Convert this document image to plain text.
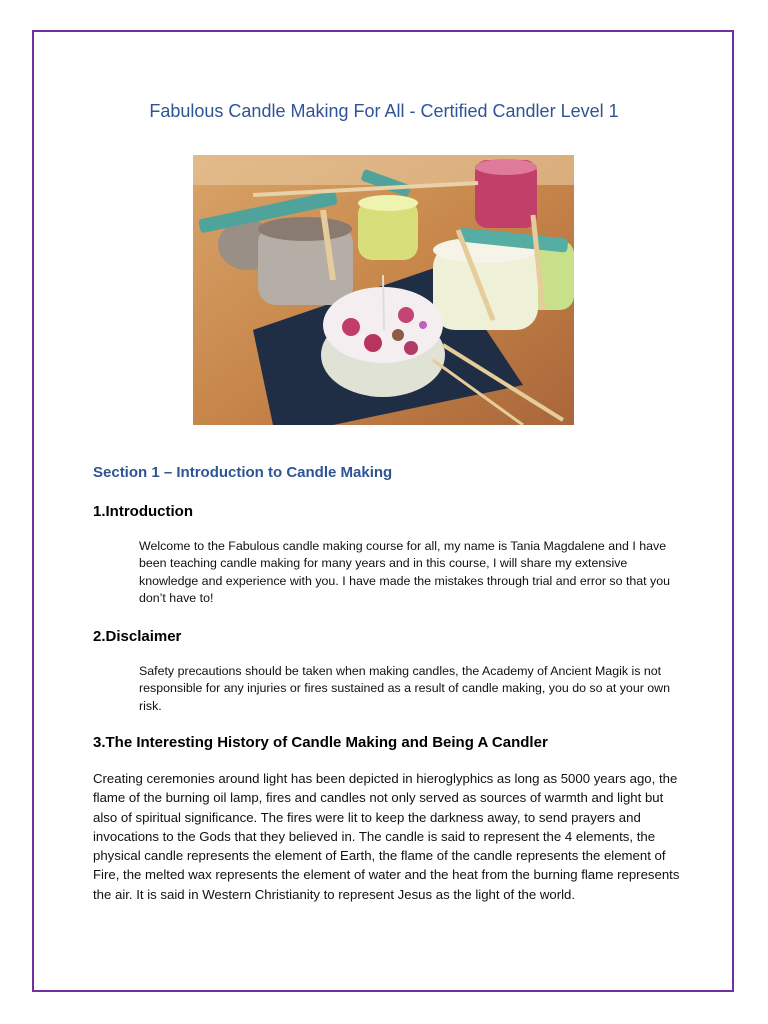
Fabulous Candle Making For All - Certified Candler Level 1
Section 1 – Introduction to Candle Making
1.Introduction

Welcome to the Fabulous candle making course for all, my name is Tania Magdalene and I have been teaching candle making for many years and in this course, I will share my extensive knowledge and experience with you. I have made the mistakes through trial and error so that you don’t have to!

2.Disclaimer

Safety precautions should be taken when making candles, the Academy of Ancient Magik is not responsible for any injuries or fires sustained as a result of candle making, you do so at your own risk.

3.The Interesting History of Candle Making and Being A Candler

Creating ceremonies around light has been depicted in hieroglyphics as long as 5000 years ago, the flame of the burning oil lamp, fires and candles not only served as sources of warmth and light but also of spiritual significance. The fires were lit to keep the darkness away, to send prayers and invocations to the Gods that they believed in. The candle is said to represent the 4 elements, the physical candle represents the element of Earth, the flame of the candle represents the element of Fire, the melted wax represents the element of water and the heat from the burning flame represents the air. It is said in Western Christianity to represent Jesus as the light of the world.
